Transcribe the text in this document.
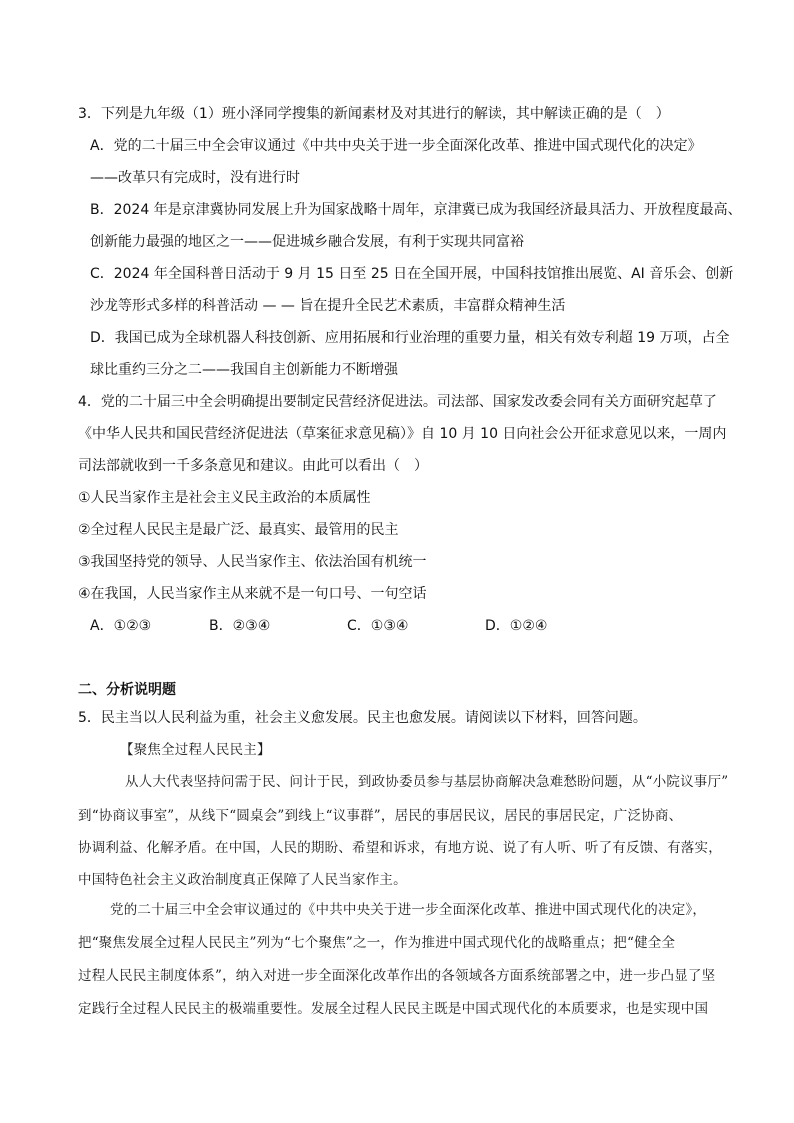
3．下列是九年级（1）班小泽同学搜集的新闻素材及对其进行的解读，其中解读正确的是（　）
A．党的二十届三中全会审议通过《中共中央关于进一步全面深化改革、推进中国式现代化的决定》
——改革只有完成时，没有进行时
B．2024 年是京津冀协同发展上升为国家战略十周年，京津冀已成为我国经济最具活力、开放程度最高、
创新能力最强的地区之一——促进城乡融合发展，有利于实现共同富裕
C．2024 年全国科普日活动于 9 月 15 日至 25 日在全国开展，中国科技馆推出展览、AI 音乐会、创新
沙龙等形式多样的科普活动 — — 旨在提升全民艺术素质，丰富群众精神生活
D．我国已成为全球机器人科技创新、应用拓展和行业治理的重要力量，相关有效专利超 19 万项，占全
球比重约三分之二——我国自主创新能力不断增强
4．党的二十届三中全会明确提出要制定民营经济促进法。司法部、国家发改委会同有关方面研究起草了
《中华人民共和国民营经济促进法（草案征求意见稿）》自 10 月 10 日向社会公开征求意见以来，一周内
司法部就收到一千多条意见和建议。由此可以看出（　）
①人民当家作主是社会主义民主政治的本质属性
②全过程人民民主是最广泛、最真实、最管用的民主
③我国坚持党的领导、人民当家作主、依法治国有机统一
④在我国，人民当家作主从来就不是一句口号、一句空话
A．①②③	B．②③④	C．①③④	D．①②④
二、分析说明题
5．民主当以人民利益为重，社会主义愈发展。民主也愈发展。请阅读以下材料，回答问题。
【聚焦全过程人民民主】
从人大代表坚持问需于民、问计于民，到政协委员参与基层协商解决急难愁盼问题，从“小院议事厅”
到“协商议事室”，从线下“圆桌会”到线上“议事群”，居民的事居民议，居民的事居民定，广泛协商、
协调利益、化解矛盾。在中国，人民的期盼、希望和诉求，有地方说、说了有人听、听了有反馈、有落实，
中国特色社会主义政治制度真正保障了人民当家作主。
党的二十届三中全会审议通过的《中共中央关于进一步全面深化改革、推进中国式现代化的决定》，
把“聚焦发展全过程人民民主”列为“七个聚焦”之一，作为推进中国式现代化的战略重点；把“健全全
过程人民民主制度体系”，纳入对进一步全面深化改革作出的各领域各方面系统部署之中，进一步凸显了坚
定践行全过程人民民主的极端重要性。发展全过程人民民主既是中国式现代化的本质要求，也是实现中国
